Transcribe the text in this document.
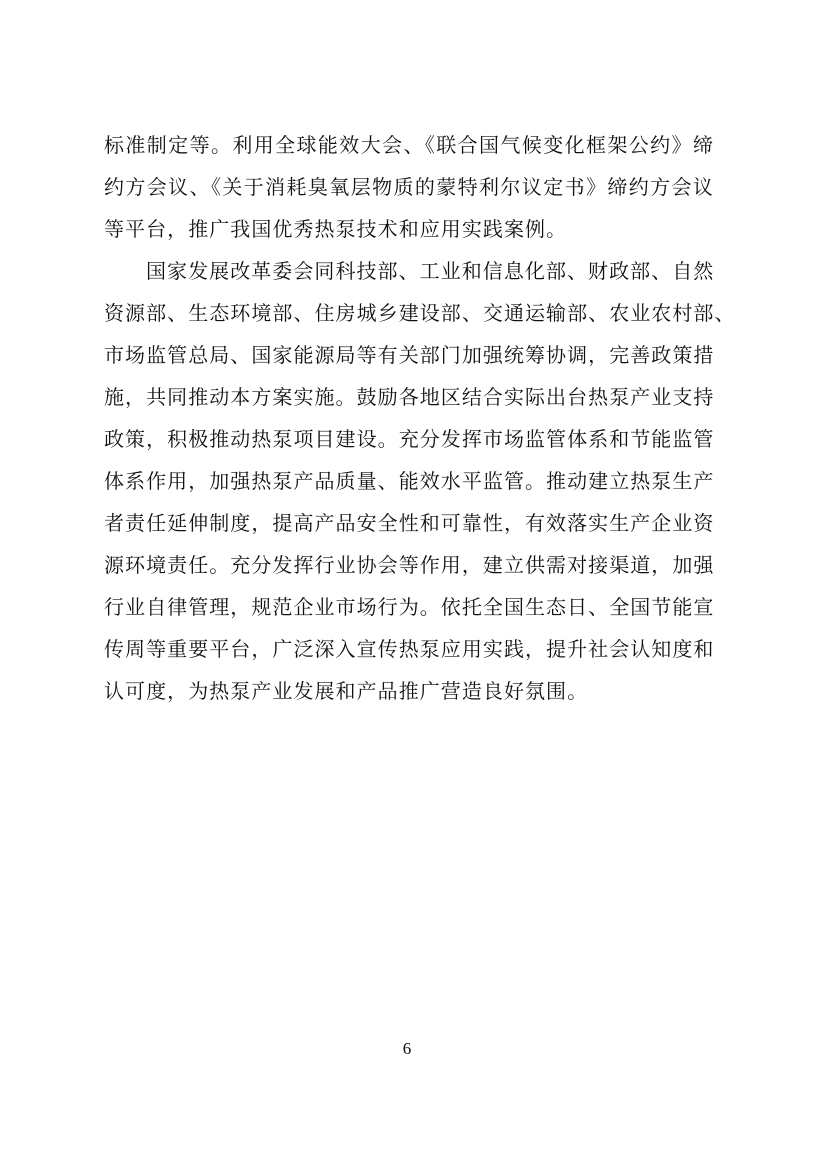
标准制定等。利用全球能效大会、《联合国气候变化框架公约》缔
约方会议、《关于消耗臭氧层物质的蒙特利尔议定书》缔约方会议
等平台，推广我国优秀热泵技术和应用实践案例。
国家发展改革委会同科技部、工业和信息化部、财政部、自然
资源部、生态环境部、住房城乡建设部、交通运输部、农业农村部、
市场监管总局、国家能源局等有关部门加强统筹协调，完善政策措
施，共同推动本方案实施。鼓励各地区结合实际出台热泵产业支持
政策，积极推动热泵项目建设。充分发挥市场监管体系和节能监管
体系作用，加强热泵产品质量、能效水平监管。推动建立热泵生产
者责任延伸制度，提高产品安全性和可靠性，有效落实生产企业资
源环境责任。充分发挥行业协会等作用，建立供需对接渠道，加强
行业自律管理，规范企业市场行为。依托全国生态日、全国节能宣
传周等重要平台，广泛深入宣传热泵应用实践，提升社会认知度和
认可度，为热泵产业发展和产品推广营造良好氛围。
6
